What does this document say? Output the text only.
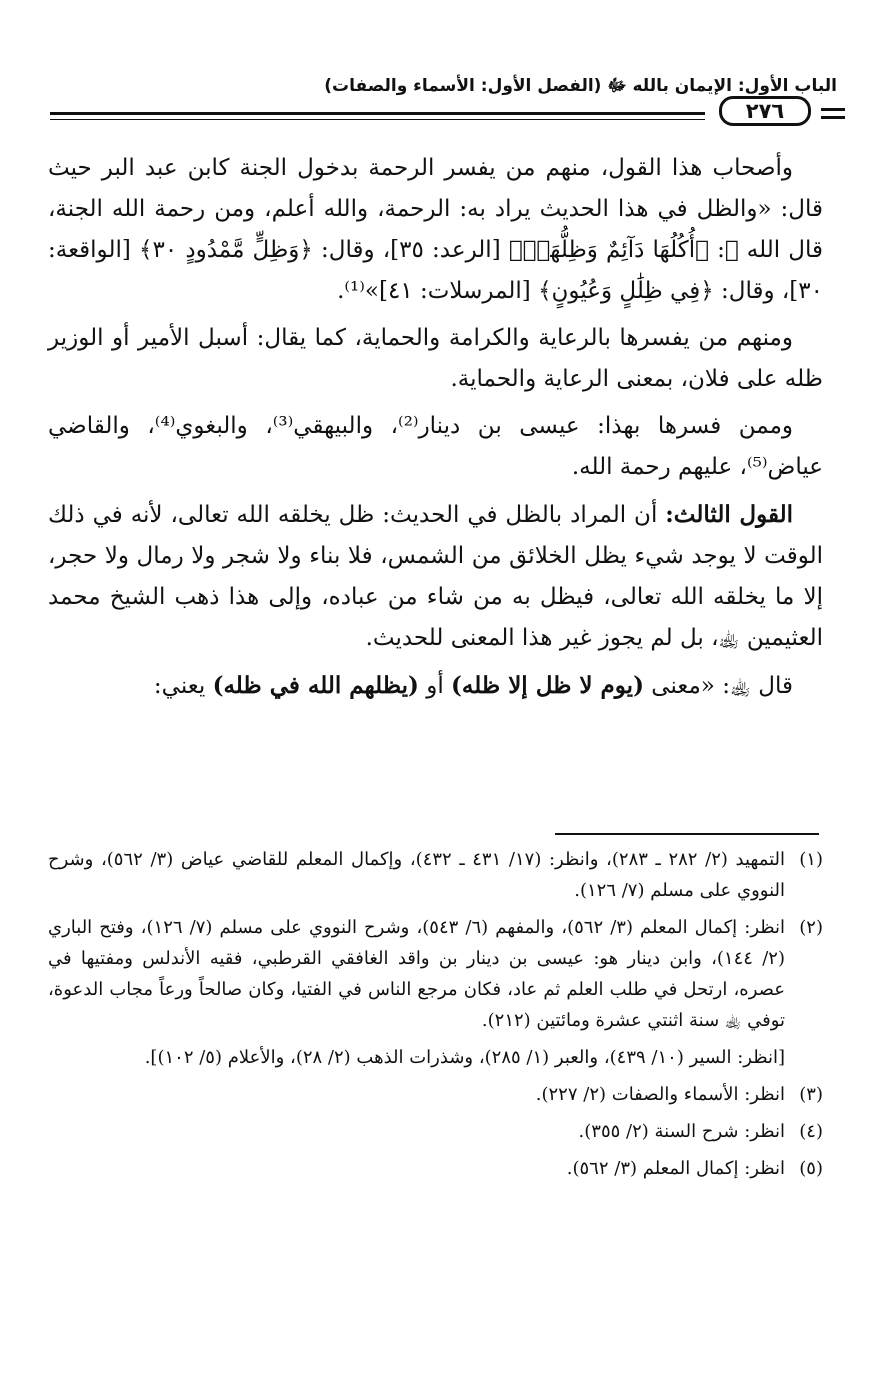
الباب الأول: الإيمان بالله ﷻ (الفصل الأول: الأسماء والصفات)
٢٧٦

وأصحاب هذا القول، منهم من يفسر الرحمة بدخول الجنة كابن عبد البر حيث قال: «والظل في هذا الحديث يراد به: الرحمة، والله أعلم، ومن رحمة الله الجنة، قال الله ﷻ: ﴿أُكُلُهَا دَآئِمٌ وَظِلُّهَاۚ﴾ [الرعد: ٣٥]، وقال: ﴿وَظِلٍّ مَّمْدُودٍ ٣٠﴾ [الواقعة: ٣٠]، وقال: ﴿فِي ظِلَٰلٍ وَعُيُونٍ﴾ [المرسلات: ٤١]»⁽¹⁾.

ومنهم من يفسرها بالرعاية والكرامة والحماية، كما يقال: أسبل الأمير أو الوزير ظله على فلان، بمعنى الرعاية والحماية.

وممن فسرها بهذا: عيسى بن دينار⁽²⁾، والبيهقي⁽³⁾، والبغوي⁽⁴⁾، والقاضي عياض⁽⁵⁾، عليهم رحمة الله.

القول الثالث: أن المراد بالظل في الحديث: ظل يخلقه الله تعالى، لأنه في ذلك الوقت لا يوجد شيء يظل الخلائق من الشمس، فلا بناء ولا شجر ولا رمال ولا حجر، إلا ما يخلقه الله تعالى، فيظل به من شاء من عباده، وإلى هذا ذهب الشيخ محمد العثيمين ﵀، بل لم يجوز غير هذا المعنى للحديث.

قال ﵀: «معنى (يوم لا ظل إلا ظله) أو (يظلهم الله في ظله) يعني:

(١)
التمهيد (٢/ ٢٨٢ ـ ٢٨٣)، وانظر: (١٧/ ٤٣١ ـ ٤٣٢)، وإكمال المعلم للقاضي عياض (٣/ ٥٦٢)، وشرح النووي على مسلم (٧/ ١٢٦).
(٢)
انظر: إكمال المعلم (٣/ ٥٦٢)، والمفهم (٦/ ٥٤٣)، وشرح النووي على مسلم (٧/ ١٢٦)، وفتح الباري (٢/ ١٤٤)، وابن دينار هو: عيسى بن دينار بن واقد الغافقي القرطبي، فقيه الأندلس ومفتيها في عصره، ارتحل في طلب العلم ثم عاد، فكان مرجع الناس في الفتيا، وكان صالحاً ورعاً مجاب الدعوة، توفي ﵀ سنة اثنتي عشرة ومائتين (٢١٢).
[انظر: السير (١٠/ ٤٣٩)، والعبر (١/ ٢٨٥)، وشذرات الذهب (٢/ ٢٨)، والأعلام (٥/ ١٠٢)].
(٣)
انظر: الأسماء والصفات (٢/ ٢٢٧).
(٤)
انظر: شرح السنة (٢/ ٣٥٥).
(٥)
انظر: إكمال المعلم (٣/ ٥٦٢).
